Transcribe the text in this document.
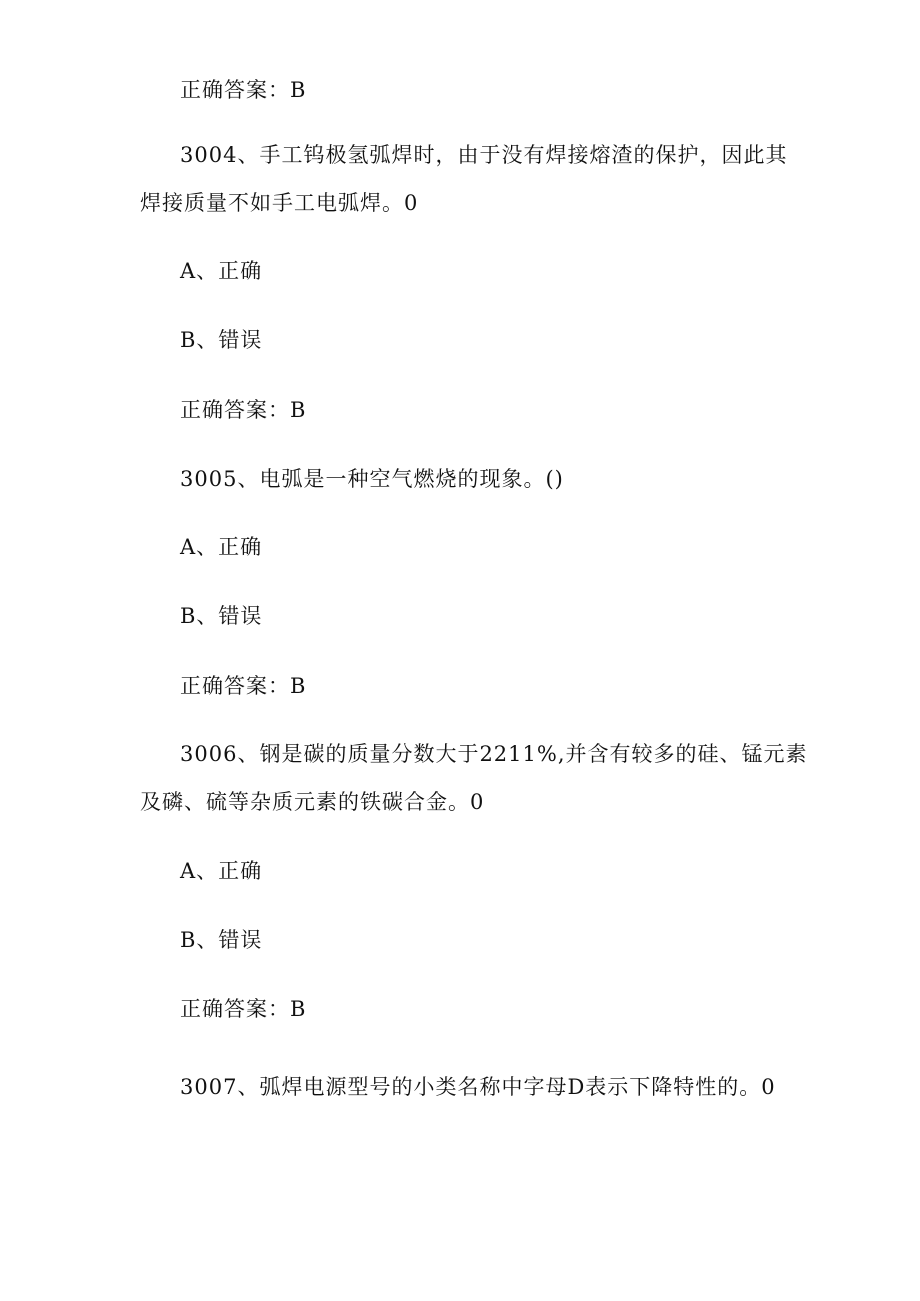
正确答案：B
3004、手工钨极氢弧焊时，由于没有焊接熔渣的保护，因此其
焊接质量不如手工电弧焊。0
A、正确
B、错误
正确答案：B
3005、电弧是一种空气燃烧的现象。()
A、正确
B、错误
正确答案：B
3006、钢是碳的质量分数大于2211%,并含有较多的硅、锰元素
及磷、硫等杂质元素的铁碳合金。0
A、正确
B、错误
正确答案：B
3007、弧焊电源型号的小类名称中字母D表示下降特性的。0
